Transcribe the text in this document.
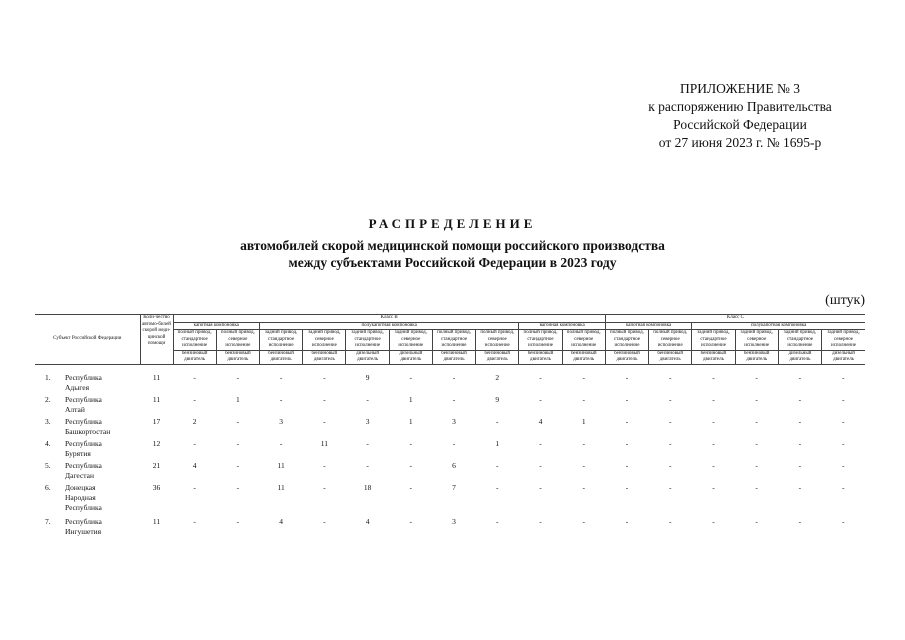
ПРИЛОЖЕНИЕ № 3
к распоряжению Правительства
Российской Федерации
от 27 июня 2023 г. № 1695-р
РАСПРЕДЕЛЕНИЕ
автомобилей скорой медицинской помощи российского производства
между субъектами Российской Федерации в 2023 году
(штук)
Субъект Российской Федерации		Коли-чество автомо-билей скорой меди-цинской помощи	Класс В										Класс С					
			капотная компоновка		полукапотная компоновка						вагонная компоновка		капотная компоновка		полукапотная компоновка			
			полный привод, стандартное исполнение	полный привод, северное исполнение	задний привод, стандартное исполнение	задний привод, северное исполнение	задний привод, стандартное исполнение	задний привод, северное исполнение	полный привод, стандартное исполнение	полный привод, северное исполнение	полный привод, стандартное исполнение	полный привод, северное исполнение	полный привод, стандартное исполнение	полный привод, северное исполнение	задний привод, стандартное исполнение	задний привод, северное исполнение	задний привод, стандартное исполнение	задний привод, северное исполнение
			бензиновый двигатель	бензиновый двигатель	бензиновый двигатель	бензиновый двигатель	дизельный двигатель	дизельный двигатель	бензиновый двигатель	бензиновый двигатель	бензиновый двигатель	бензиновый двигатель	бензиновый двигатель	бензиновый двигатель	бензиновый двигатель	бензиновый двигатель	дизельный двигатель	дизельный двигатель
1.	Республика
Адыгея	11	-	-	-	-	9	-	-	2	-	-	-	-	-	-	-	-
2.	Республика
Алтай	11	-	1	-	-	-	1	-	9	-	-	-	-	-	-	-	-
3.	Республика
Башкортостан	17	2	-	3	-	3	1	3	-	4	1	-	-	-	-	-	-
4.	Республика
Бурятия	12	-	-	-	11	-	-	-	1	-	-	-	-	-	-	-	-
5.	Республика
Дагестан	21	4	-	11	-	-	-	6	-	-	-	-	-	-	-	-	-
6.	Донецкая
Народная
Республика	36	-	-	11	-	18	-	7	-	-	-	-	-	-	-	-	-
7.	Республика
Ингушетия	11	-	-	4	-	4	-	3	-	-	-	-	-	-	-	-	-
